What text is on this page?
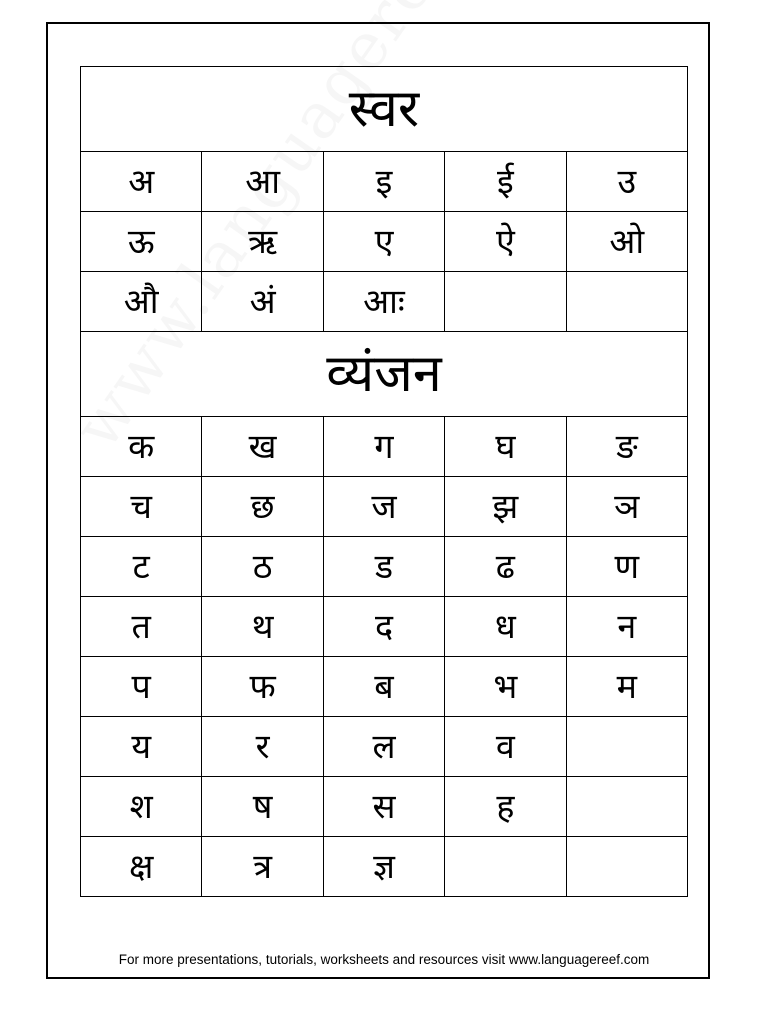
स्वर				
अ	आ	इ	ई	उ
ऊ	ऋ	ए	ऐ	ओ
औ	अं	आः		
व्यंजन				
क	ख	ग	घ	ङ
च	छ	ज	झ	ञ
ट	ठ	ड	ढ	ण
त	थ	द	ध	न
प	फ	ब	भ	म
य	र	ल	व	
श	ष	स	ह	
क्ष	त्र	ज्ञ		
For more presentations, tutorials, worksheets and resources visit www.languagereef.com
